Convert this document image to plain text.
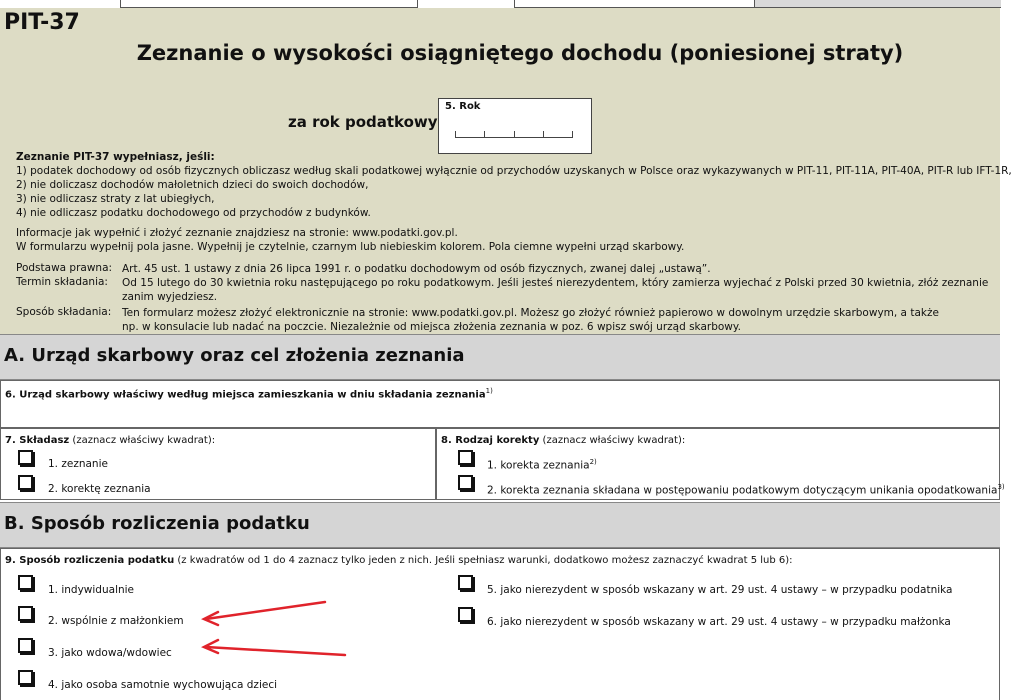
PIT-37
Zeznanie o wysokości osiągniętego dochodu (poniesionej straty)
za rok podatkowy
5. Rok
Zeznanie PIT-37 wypełniasz, jeśli:
1) podatek dochodowy od osób fizycznych obliczasz według skali podatkowej wyłącznie od przychodów uzyskanych w Polsce oraz wykazywanych w PIT-11, PIT-11A, PIT-40A, PIT-R lub IFT-1R,
2) nie doliczasz dochodów małoletnich dzieci do swoich dochodów,
3) nie odliczasz straty z lat ubiegłych,
4) nie odliczasz podatku dochodowego od przychodów z budynków.
Informacje jak wypełnić i złożyć zeznanie znajdziesz na stronie: www.podatki.gov.pl.
W formularzu wypełnij pola jasne. Wypełnij je czytelnie, czarnym lub niebieskim kolorem. Pola ciemne wypełni urząd skarbowy.
Podstawa prawna: Art. 45 ust. 1 ustawy z dnia 26 lipca 1991 r. o podatku dochodowym od osób fizycznych, zwanej dalej „ustawą”.
Termin składania: Od 15 lutego do 30 kwietnia roku następującego po roku podatkowym. Jeśli jesteś nierezydentem, który zamierza wyjechać z Polski przed 30 kwietnia, złóż zeznanie
zanim wyjedziesz.
Sposób składania: Ten formularz możesz złożyć elektronicznie na stronie: www.podatki.gov.pl. Możesz go złożyć również papierowo w dowolnym urzędzie skarbowym, a także
np. w konsulacie lub nadać na poczcie. Niezależnie od miejsca złożenia zeznania w poz. 6 wpisz swój urząd skarbowy.
A. Urząd skarbowy oraz cel złożenia zeznania
6. Urząd skarbowy właściwy według miejsca zamieszkania w dniu składania zeznania$^{1)}$
7. Składasz (zaznacz właściwy kwadrat):	8. Rodzaj korekty (zaznacz właściwy kwadrat):
1. zeznanie
2. korektę zeznania
1. korekta zeznania$^{2)}$
2. korekta zeznania składana w postępowaniu podatkowym dotyczącym unikania opodatkowania$^{3)}$
B. Sposób rozliczenia podatku
9. Sposób rozliczenia podatku (z kwadratów od 1 do 4 zaznacz tylko jeden z nich. Jeśli spełniasz warunki, dodatkowo możesz zaznaczyć kwadrat 5 lub 6):
1. indywidualnie
2. wspólnie z małżonkiem
3. jako wdowa/wdowiec
4. jako osoba samotnie wychowująca dzieci
5. jako nierezydent w sposób wskazany w art. 29 ust. 4 ustawy – w przypadku podatnika
6. jako nierezydent w sposób wskazany w art. 29 ust. 4 ustawy – w przypadku małżonka
